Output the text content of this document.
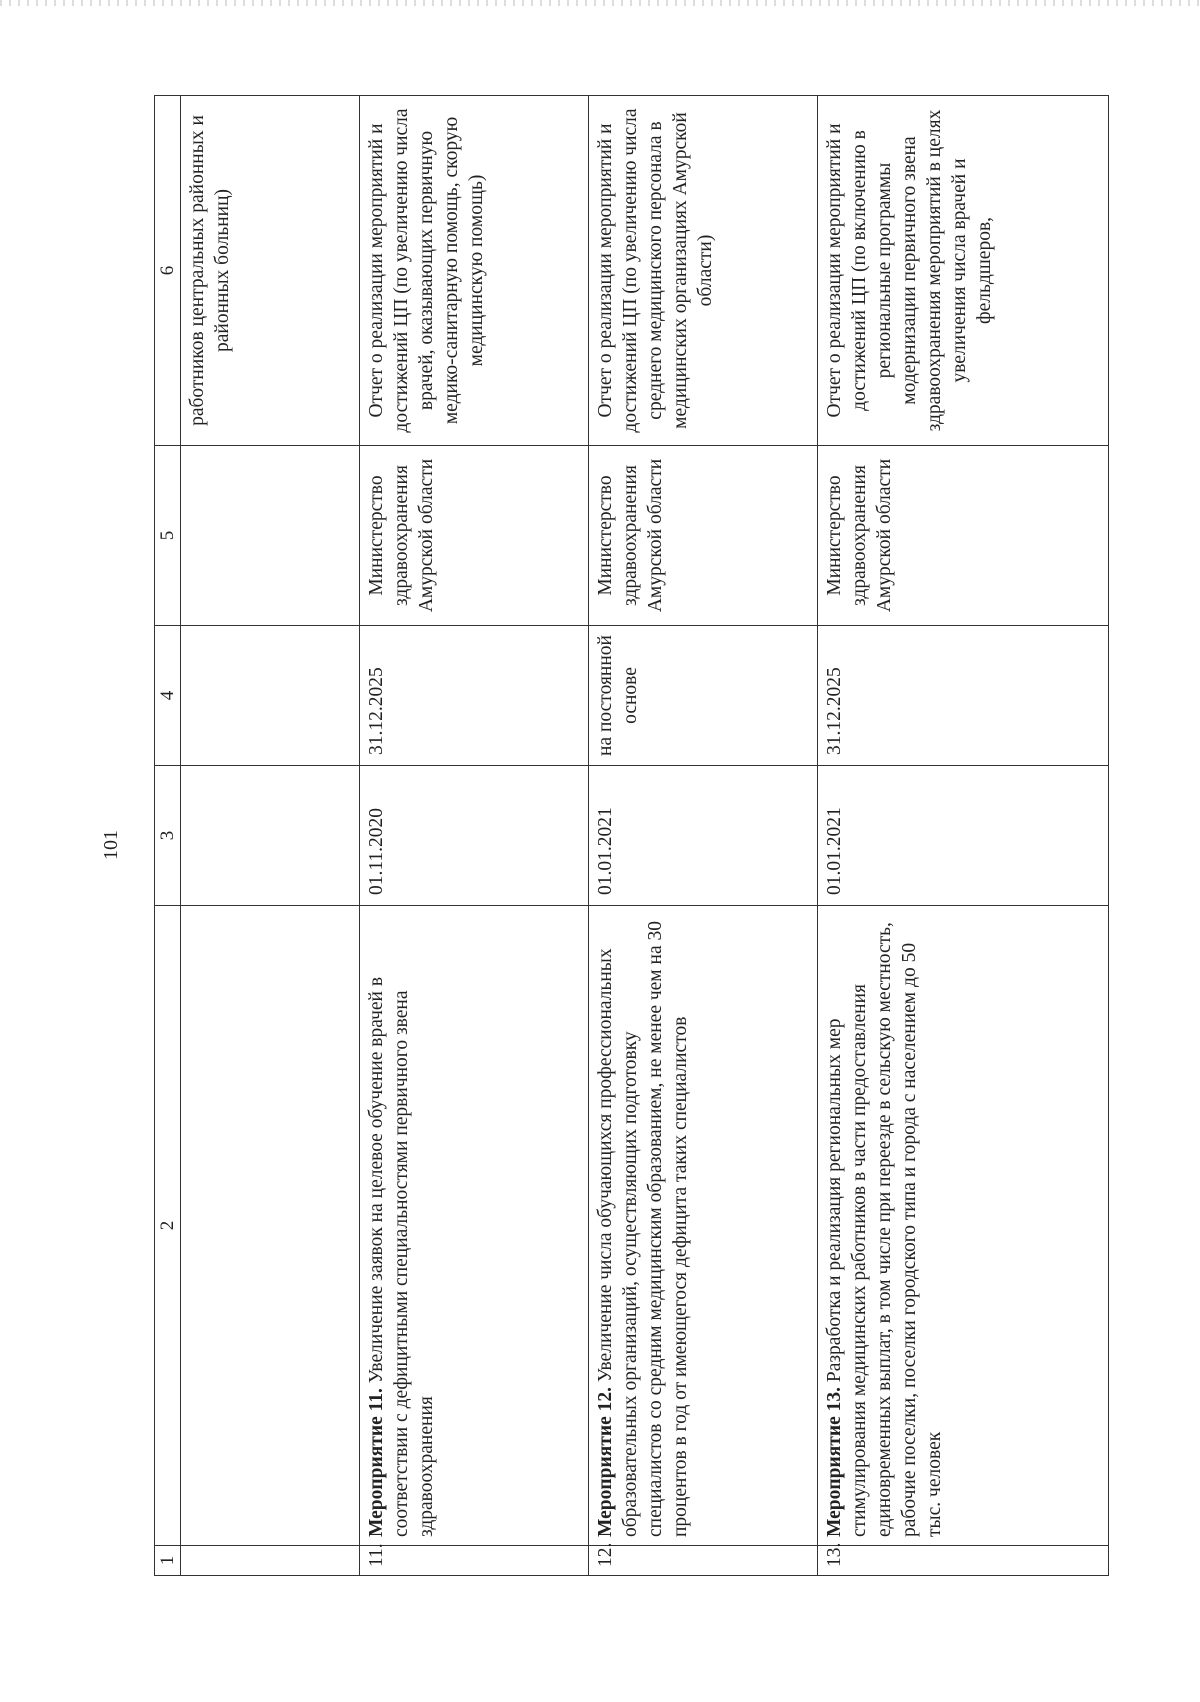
101
1	2	3	4	5	6
					работников центральных районных и районных больниц)
11.	Мероприятие 11. Увеличение заявок на целевое обучение врачей в соответствии с дефицитными специальностями первичного звена здравоохранения	01.11.2020	31.12.2025	Министерство здравоохранения Амурской области	Отчет о реализации мероприятий и достижений ЦП (по увеличению числа врачей, оказывающих первичную медико-санитарную помощь, скорую медицинскую помощь)
12.	Мероприятие 12. Увеличение числа обучающихся профессиональных образовательных организаций, осуществляющих подготовку специалистов со средним медицинским образованием, не менее чем на 30 процентов в год от имеющегося дефицита таких специалистов	01.01.2021	на постоянной основе	Министерство здравоохранения Амурской области	Отчет о реализации мероприятий и достижений ЦП (по увеличению числа среднего медицинского персонала в медицинских организациях Амурской области)
13.	Мероприятие 13. Разработка и реализация региональных мер стимулирования медицинских работников в части предоставления единовременных выплат, в том числе при переезде в сельскую местность, рабочие поселки, поселки городского типа и города с населением до 50 тыс. человек	01.01.2021	31.12.2025	Министерство здравоохранения Амурской области	Отчет о реализации мероприятий и достижений ЦП (по включению в региональные программы модернизации первичного звена здравоохранения мероприятий в целях увеличения числа врачей и фельдшеров,
